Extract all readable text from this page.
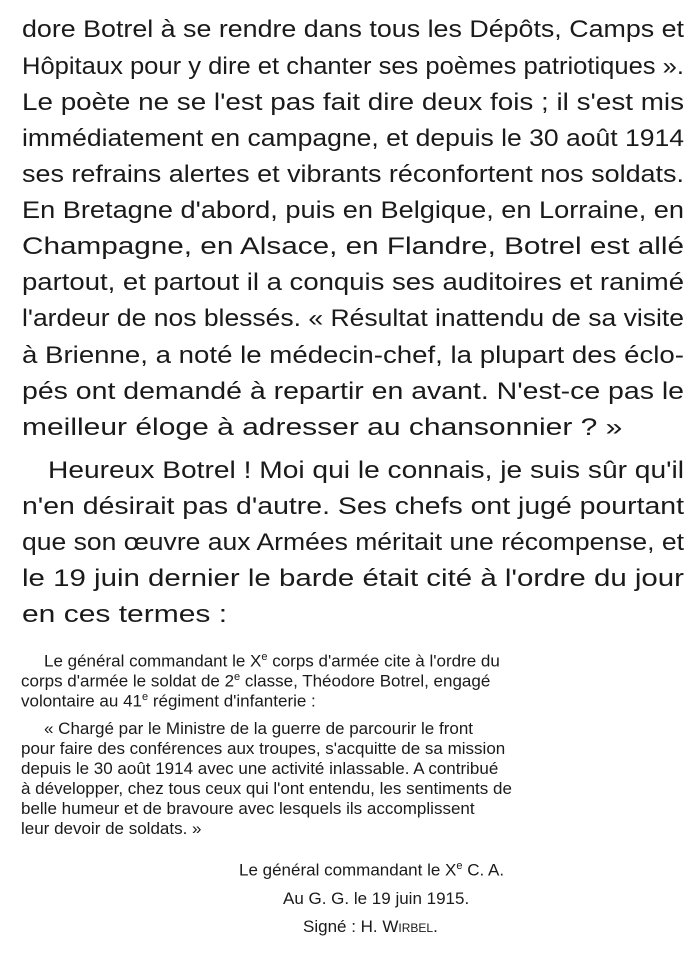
dore Botrel à se rendre dans tous les Dépôts, Camps et
Hôpitaux pour y dire et chanter ses poèmes patriotiques ».
Le poète ne se l'est pas fait dire deux fois ; il s'est mis
immédiatement en campagne, et depuis le 30 août 1914
ses refrains alertes et vibrants réconfortent nos soldats.
En Bretagne d'abord, puis en Belgique, en Lorraine, en
Champagne, en Alsace, en Flandre, Botrel est allé
partout, et partout il a conquis ses auditoires et ranimé
l'ardeur de nos blessés. « Résultat inattendu de sa visite
à Brienne, a noté le médecin-chef, la plupart des éclo-
pés ont demandé à repartir en avant. N'est-ce pas le
meilleur éloge à adresser au chansonnier ? »
Heureux Botrel ! Moi qui le connais, je suis sûr qu'il
n'en désirait pas d'autre. Ses chefs ont jugé pourtant
que son œuvre aux Armées méritait une récompense, et
le 19 juin dernier le barde était cité à l'ordre du jour
en ces termes :
Le général commandant le Xe corps d'armée cite à l'ordre du
corps d'armée le soldat de 2e classe, Théodore Botrel, engagé
volontaire au 41e régiment d'infanterie :
« Chargé par le Ministre de la guerre de parcourir le front
pour faire des conférences aux troupes, s'acquitte de sa mission
depuis le 30 août 1914 avec une activité inlassable. A contribué
à développer, chez tous ceux qui l'ont entendu, les sentiments de
belle humeur et de bravoure avec lesquels ils accomplissent
leur devoir de soldats. »
Le général commandant le Xe C. A.
Au G. G. le 19 juin 1915.
Signé : H. Wirbel.
